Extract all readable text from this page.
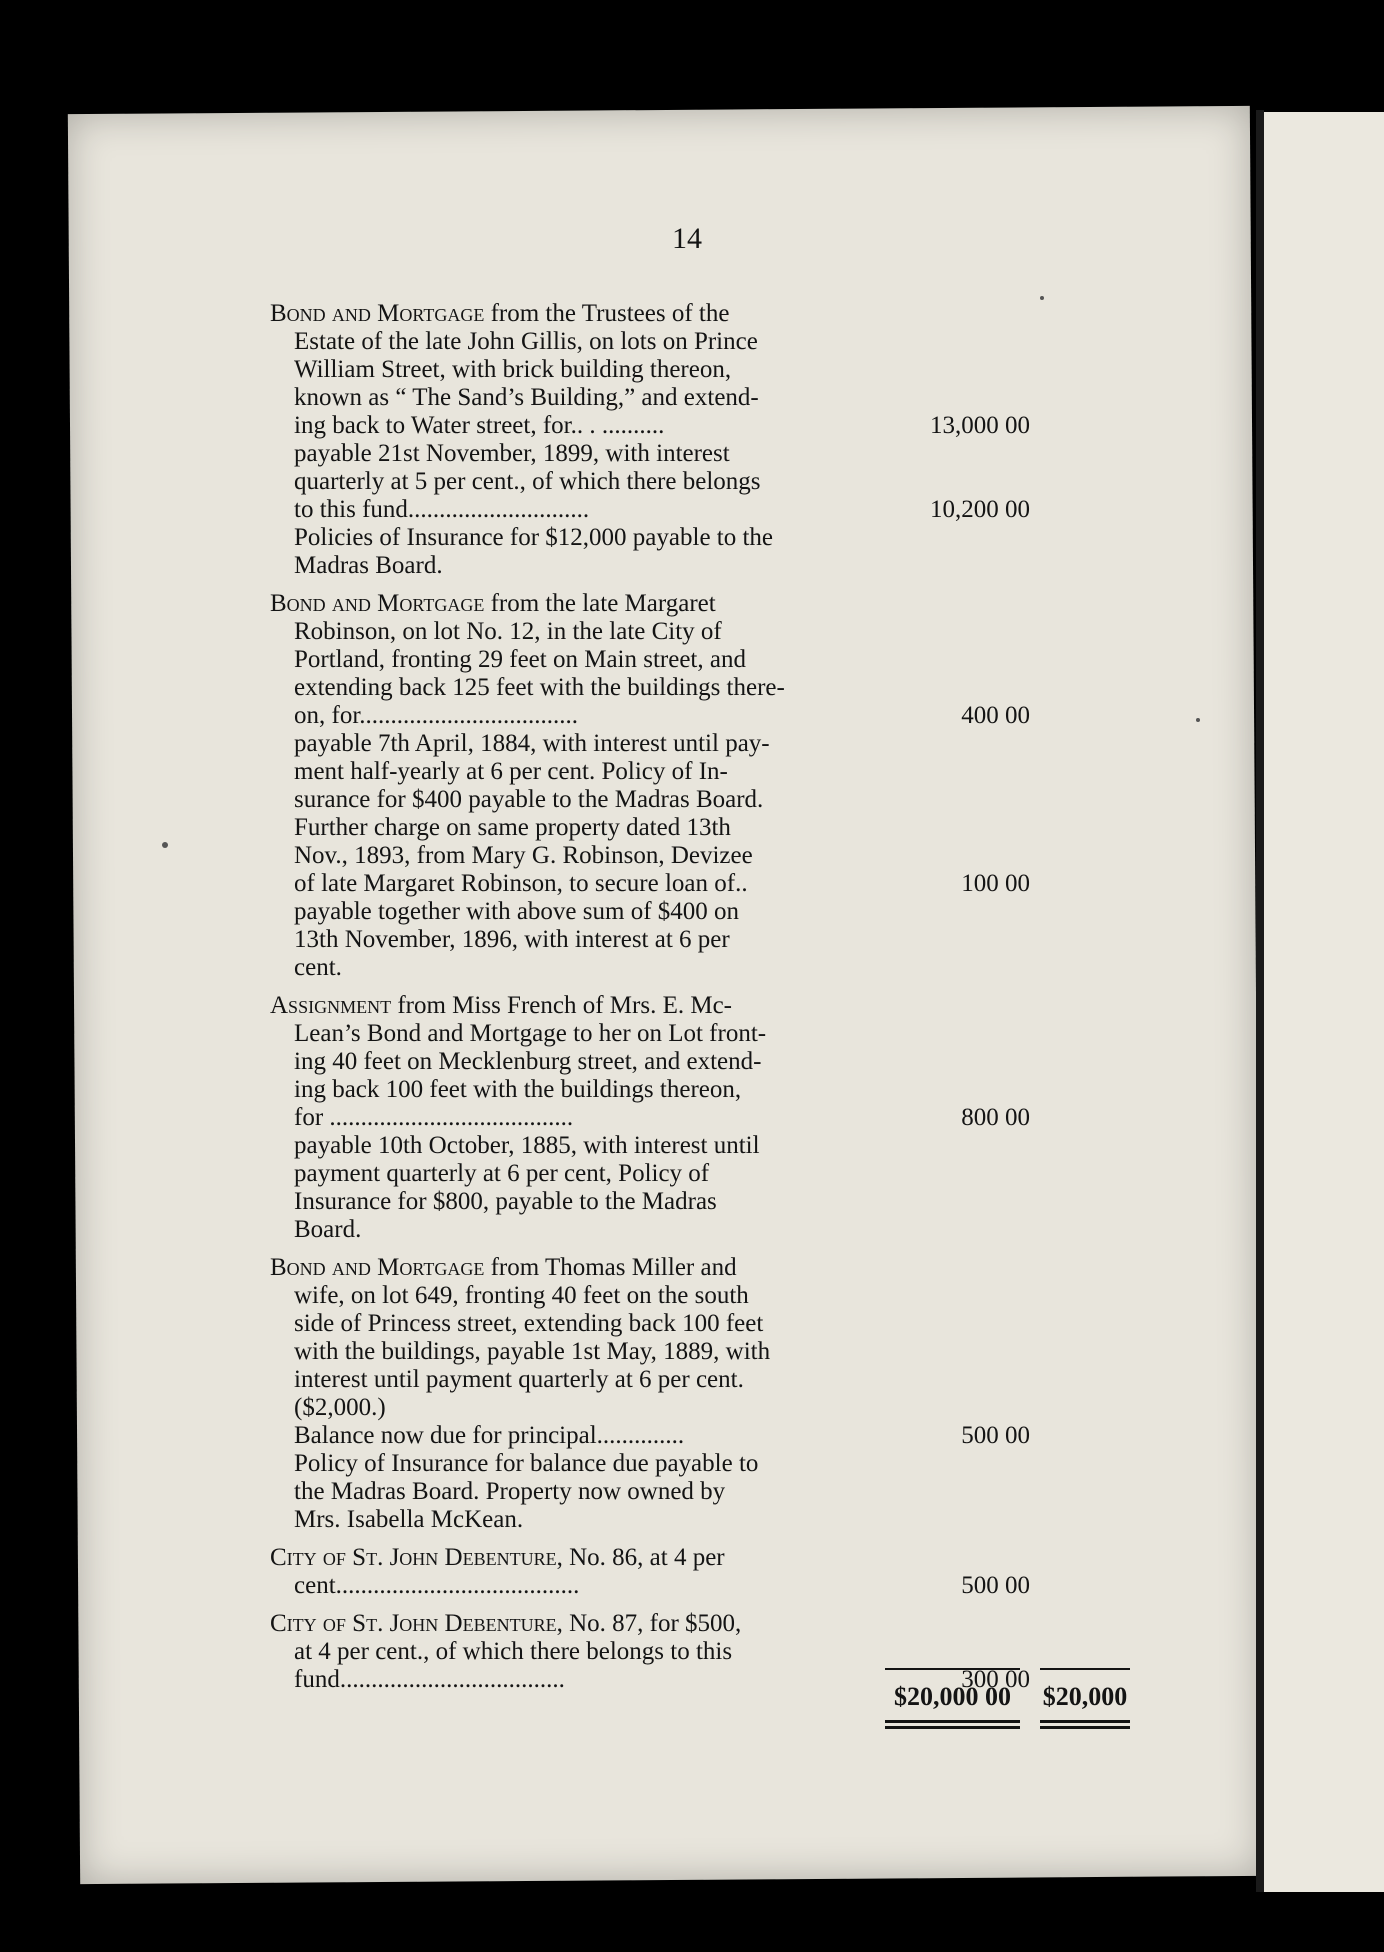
14
Bond and Mortgage from the Trustees of the
Estate of the late John Gillis, on lots on Prince
William Street, with brick building thereon,
known as “ The Sand’s Building,” and extend-
ing back to Water street, for.. . ..........	13,000 00
payable 21st November, 1899, with interest
quarterly at 5 per cent., of which there belongs
to this fund.............................	10,200 00
Policies of Insurance for $12,000 payable to the
Madras Board.
Bond and Mortgage from the late Margaret
Robinson, on lot No. 12, in the late City of
Portland, fronting 29 feet on Main street, and
extending back 125 feet with the buildings there-
on, for...................................	400 00
payable 7th April, 1884, with interest until pay-
ment half-yearly at 6 per cent. Policy of In-
surance for $400 payable to the Madras Board.
Further charge on same property dated 13th
Nov., 1893, from Mary G. Robinson, Devizee
of late Margaret Robinson, to secure loan of..	100 00
payable together with above sum of $400 on
13th November, 1896, with interest at 6 per
cent.
Assignment from Miss French of Mrs. E. Mc-
Lean’s Bond and Mortgage to her on Lot front-
ing 40 feet on Mecklenburg street, and extend-
ing back 100 feet with the buildings thereon,
for .......................................	800 00
payable 10th October, 1885, with interest until
payment quarterly at 6 per cent, Policy of
Insurance for $800, payable to the Madras
Board.
Bond and Mortgage from Thomas Miller and
wife, on lot 649, fronting 40 feet on the south
side of Princess street, extending back 100 feet
with the buildings, payable 1st May, 1889, with
interest until payment quarterly at 6 per cent.
($2,000.)
Balance now due for principal..............	500 00
Policy of Insurance for balance due payable to
the Madras Board. Property now owned by
Mrs. Isabella McKean.
City of St. John Debenture, No. 86, at 4 per
cent.......................................	500 00
City of St. John Debenture, No. 87, for $500,
at 4 per cent., of which there belongs to this
fund....................................	300 00
$20,000 00	$20,000
